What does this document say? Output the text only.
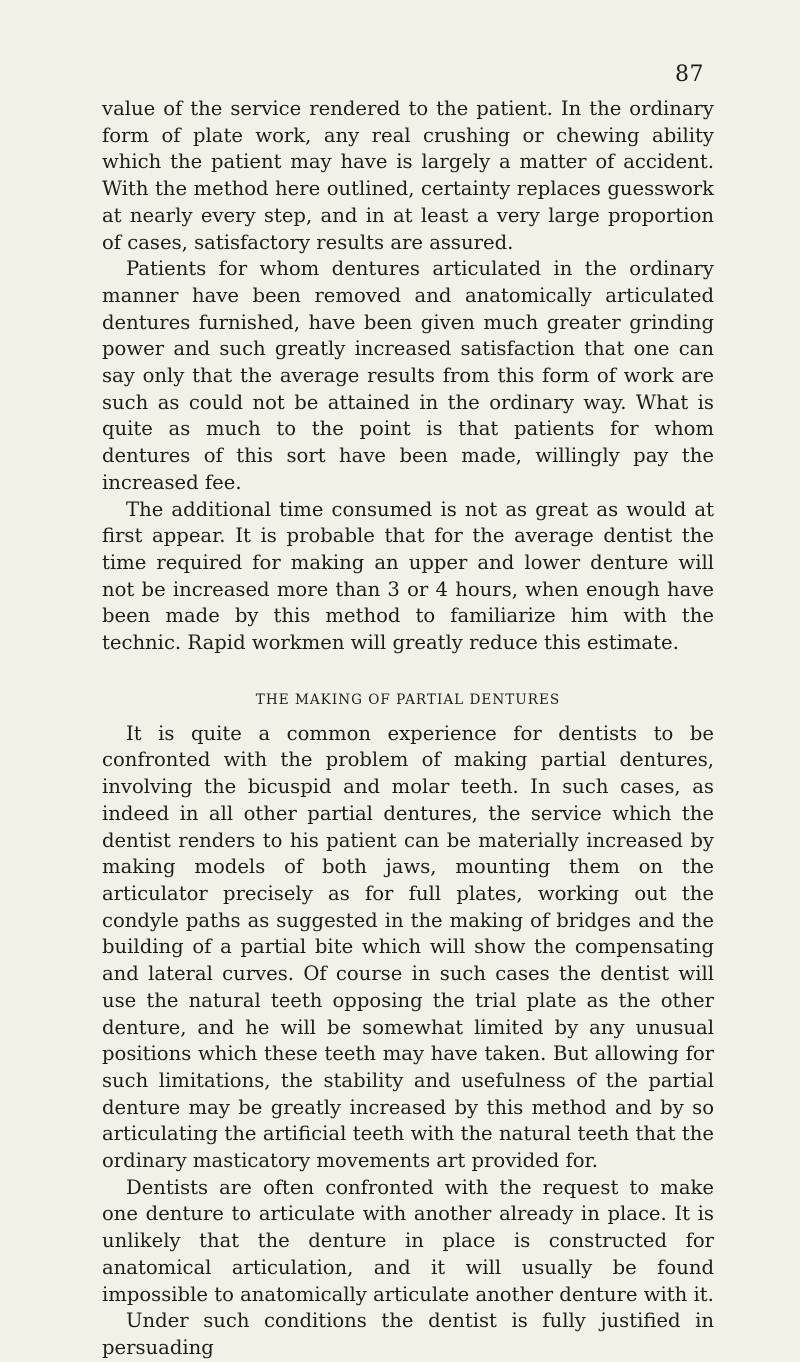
87

value of the service rendered to the patient. In the ordinary form of plate work, any real crushing or chewing ability which the patient may have is largely a matter of accident. With the method here outlined, certainty replaces guesswork at nearly every step, and in at least a very large proportion of cases, satisfactory results are assured.

Patients for whom dentures articulated in the ordinary manner have been removed and anatomically articulated dentures furnished, have been given much greater grinding power and such greatly increased satisfaction that one can say only that the average results from this form of work are such as could not be attained in the ordinary way. What is quite as much to the point is that patients for whom dentures of this sort have been made, willingly pay the increased fee.

The additional time consumed is not as great as would at first appear. It is probable that for the average dentist the time required for making an upper and lower denture will not be increased more than 3 or 4 hours, when enough have been made by this method to familiarize him with the technic. Rapid workmen will greatly reduce this estimate.

THE MAKING OF PARTIAL DENTURES

It is quite a common experience for dentists to be confronted with the problem of making partial dentures, involving the bicuspid and molar teeth. In such cases, as indeed in all other partial dentures, the service which the dentist renders to his patient can be materially increased by making models of both jaws, mounting them on the articulator precisely as for full plates, working out the condyle paths as suggested in the making of bridges and the building of a partial bite which will show the compensating and lateral curves. Of course in such cases the dentist will use the natural teeth opposing the trial plate as the other denture, and he will be somewhat limited by any unusual positions which these teeth may have taken. But allowing for such limitations, the stability and usefulness of the partial denture may be greatly increased by this method and by so articulating the artificial teeth with the natural teeth that the ordinary masticatory movements art provided for.

Dentists are often confronted with the request to make one denture to articulate with another already in place. It is unlikely that the denture in place is constructed for anatomical articulation, and it will usually be found impossible to anatomically articulate another denture with it.

Under such conditions the dentist is fully justified in persuading
